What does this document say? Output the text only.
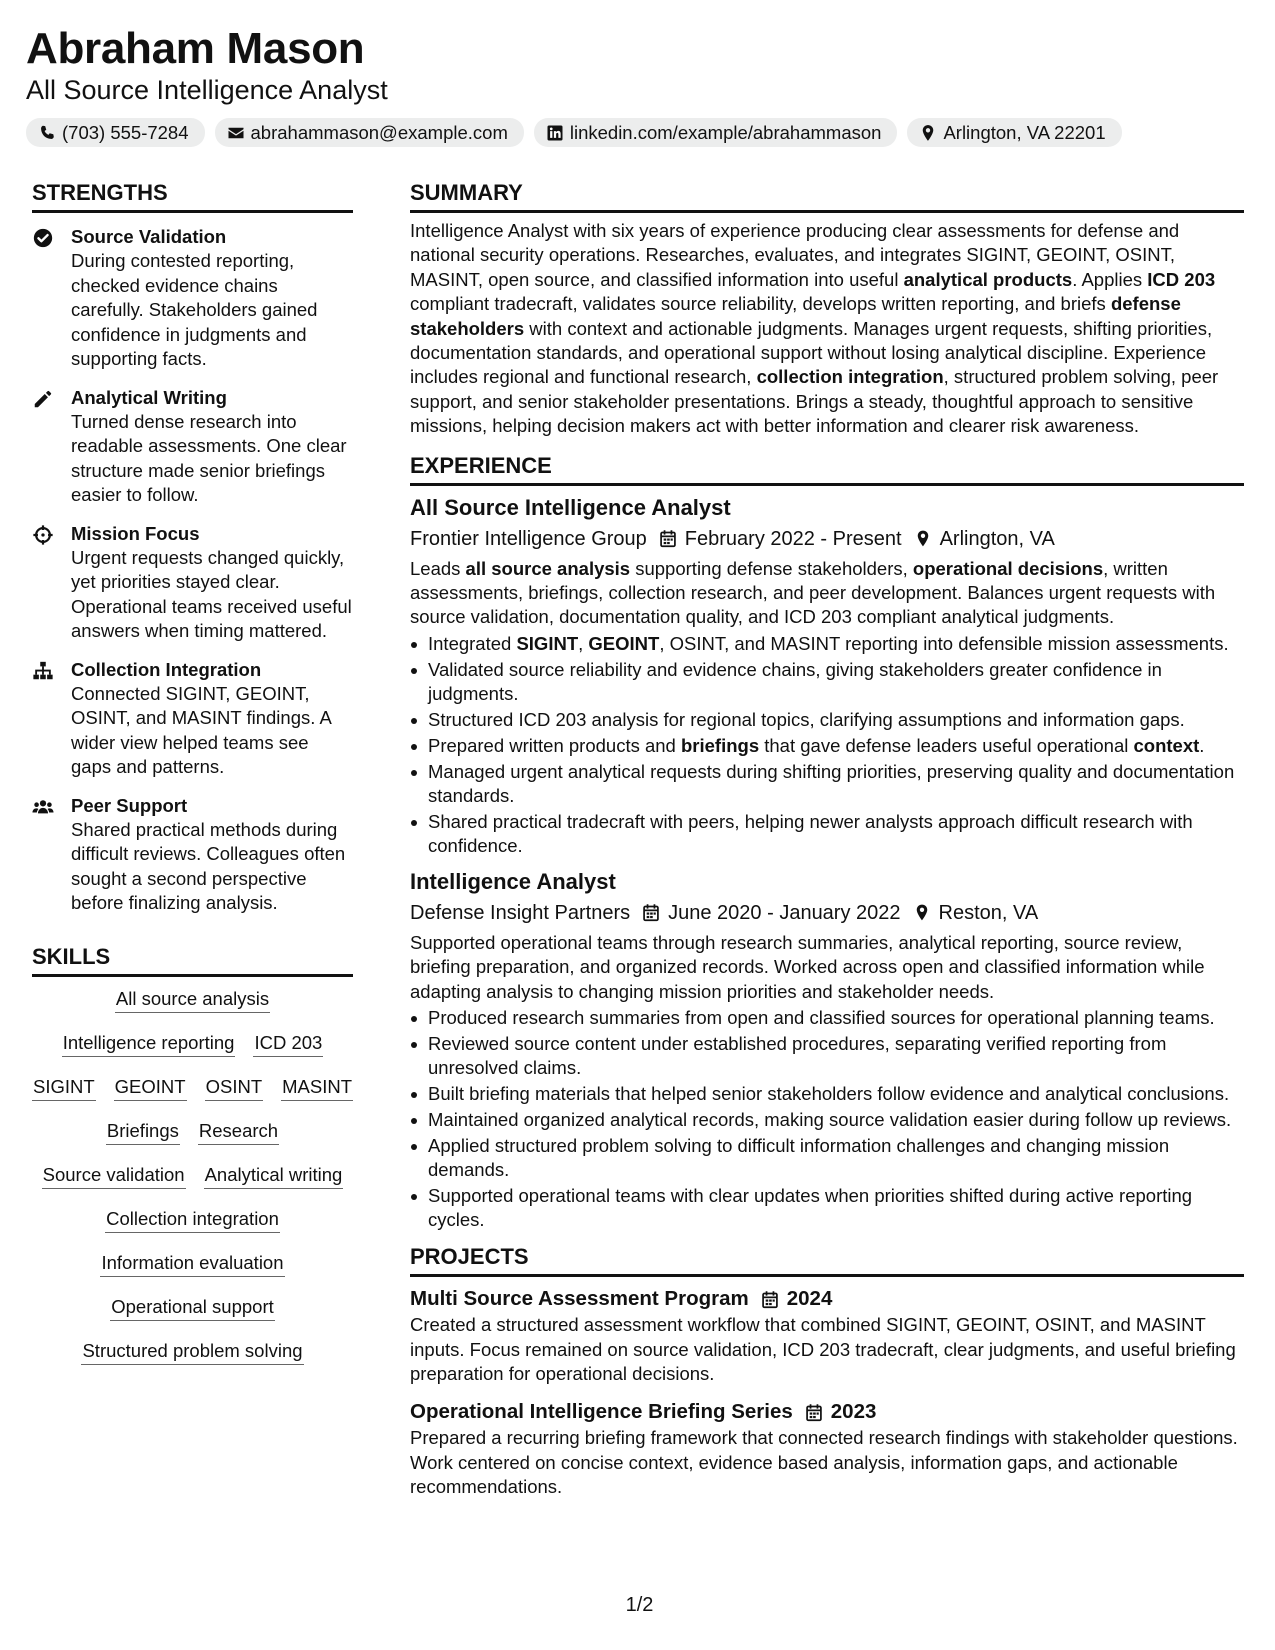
Abraham Mason
All Source Intelligence Analyst
(703) 555-7284	abrahammason@example.com	linkedin.com/example/abrahammason	Arlington, VA 22201
STRENGTHS
Source Validation
During contested reporting, checked evidence chains carefully. Stakeholders gained confidence in judgments and supporting facts.
Analytical Writing
Turned dense research into readable assessments. One clear structure made senior briefings easier to follow.
Mission Focus
Urgent requests changed quickly, yet priorities stayed clear. Operational teams received useful answers when timing mattered.
Collection Integration
Connected SIGINT, GEOINT, OSINT, and MASINT findings. A wider view helped teams see gaps and patterns.
Peer Support
Shared practical methods during difficult reviews. Colleagues often sought a second perspective before finalizing analysis.
SKILLS
All source analysis
Intelligence reporting ICD 203
SIGINT GEOINT OSINT MASINT
Briefings Research
Source validation Analytical writing
Collection integration
Information evaluation
Operational support
Structured problem solving
SUMMARY
Intelligence Analyst with six years of experience producing clear assessments for defense and national security operations. Researches, evaluates, and integrates SIGINT, GEOINT, OSINT, MASINT, open source, and classified information into useful analytical products. Applies ICD 203 compliant tradecraft, validates source reliability, develops written reporting, and briefs defense stakeholders with context and actionable judgments. Manages urgent requests, shifting priorities, documentation standards, and operational support without losing analytical discipline. Experience includes regional and functional research, collection integration, structured problem solving, peer support, and senior stakeholder presentations. Brings a steady, thoughtful approach to sensitive missions, helping decision makers act with better information and clearer risk awareness.
EXPERIENCE
All Source Intelligence Analyst
Frontier Intelligence Group February 2022 - Present Arlington, VA
Leads all source analysis supporting defense stakeholders, operational decisions, written assessments, briefings, collection research, and peer development. Balances urgent requests with source validation, documentation quality, and ICD 203 compliant analytical judgments.
Integrated SIGINT, GEOINT, OSINT, and MASINT reporting into defensible mission assessments.
Validated source reliability and evidence chains, giving stakeholders greater confidence in judgments.
Structured ICD 203 analysis for regional topics, clarifying assumptions and information gaps.
Prepared written products and briefings that gave defense leaders useful operational context.
Managed urgent analytical requests during shifting priorities, preserving quality and documentation standards.
Shared practical tradecraft with peers, helping newer analysts approach difficult research with confidence.
Intelligence Analyst
Defense Insight Partners June 2020 - January 2022 Reston, VA
Supported operational teams through research summaries, analytical reporting, source review, briefing preparation, and organized records. Worked across open and classified information while adapting analysis to changing mission priorities and stakeholder needs.
Produced research summaries from open and classified sources for operational planning teams.
Reviewed source content under established procedures, separating verified reporting from unresolved claims.
Built briefing materials that helped senior stakeholders follow evidence and analytical conclusions.
Maintained organized analytical records, making source validation easier during follow up reviews.
Applied structured problem solving to difficult information challenges and changing mission demands.
Supported operational teams with clear updates when priorities shifted during active reporting cycles.
PROJECTS
Multi Source Assessment Program 2024
Created a structured assessment workflow that combined SIGINT, GEOINT, OSINT, and MASINT inputs. Focus remained on source validation, ICD 203 tradecraft, clear judgments, and useful briefing preparation for operational decisions.
Operational Intelligence Briefing Series 2023
Prepared a recurring briefing framework that connected research findings with stakeholder questions. Work centered on concise context, evidence based analysis, information gaps, and actionable recommendations.
1/2
